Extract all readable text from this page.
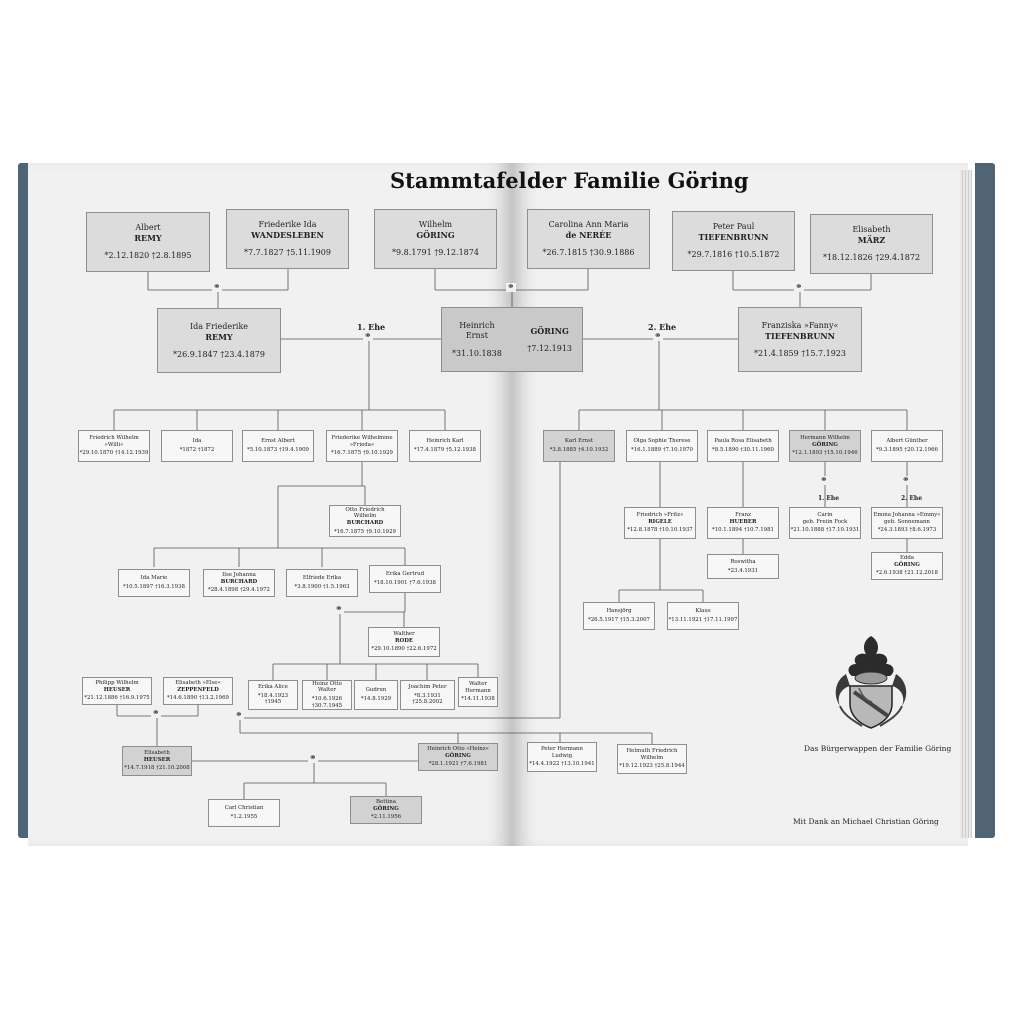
Stammtafel der Familie Göring
Albert
REMY
*2.12.1820 †2.8.1895
Friederike Ida
WANDESLEBEN
*7.7.1827 †5.11.1909
Wilhelm
GÖRING
*9.8.1791 †9.12.1874
Carolina Ann Maria
de NERÉE
*26.7.1815 †30.9.1886
Peter Paul
TIEFENBRUNN
*29.7.1816 †10.5.1872
Elisabeth
MÄRZ
*18.12.1826 †29.4.1872
Ida Friederike
REMY
*26.9.1847 †23.4.1879
Franziska »Fanny«
TIEFENBRUNN
*21.4.1859 †15.7.1923
Friedrich Wilhelm
»Willi«
*29.10.1870 †14.12.1939
Ida
*1872 †1872
Ernst Albert
*5.10.1873 †19.4.1909
Friederike Wilhelmine
»Frieda«
*16.7.1875 †9.10.1929
Heinrich Karl
*17.4.1879 †5.12.1938
Karl Ernst
*3.8.1885 †4.10.1932
Olga Sophie Therese
*16.1.1889 †7.10.1970
Paula Rosa Elisabeth
*8.5.1890 †30.11.1960
Hermann Wilhelm
GÖRING
*12.1.1893 †15.10.1946
Albert Günther
*9.3.1895 †20.12.1966
Otto Friedrich
Wilhelm
BURCHARD
*16.7.1875 †9.10.1929
Friedrich »Fritz«
RIGELE
*12.8.1878 †10.10.1937
Franz
HUEBER
*10.1.1894 †10.7.1981
Carin
geb. Freiin Fock
*21.10.1888 †17.10.1931
Emma Johanna »Emmy«
geb. Sonnemann
*24.3.1893 †8.6.1973
Roswitha
*23.4.1931
Edda
GÖRING
*2.6.1938 †21.12.2018
Hansjörg
*26.5.1917 †15.3.2007
Klaus
*13.11.1921 †17.11.1997
Ida Marie
*10.5.1897 †16.3.1938
Ilse Johanna
BURCHARD
*28.4.1898 †29.4.1972
Elfriede Erika
*3.8.1900 †1.5.1963
Erika Gertrud
*18.10.1901 †7.6.1938
Walther
RODE
*29.10.1890 †22.6.1972
Erika Alice
*18.4.1923 †1945
Heinz Otto
Walter
*10.6.1926 †30.7.1945
Gudrun
*14.8.1929
Joachim Peter
*8.3.1931 †25.8.2002
Walter
Hermann
*14.11.1938
Philipp Wilhelm
HEUSER
*21.12.1886 †16.9.1975
Elisabeth »Else«
ZEPPENFELD
*14.6.1890 †13.2.1969
Elisabeth
HEUSER
*14.7.1918 †21.10.2008
Heinrich Otto »Heinz«
GÖRING
*28.1.1921 †7.6.1981
Peter Hermann
Ludwig
*14.4.1922 †13.10.1941
Helmuth Friedrich
Wilhelm
*19.12.1923 †25.8.1944
Carl Christian
*1.2.1955
Bettina
GÖRING
*2.11.1956
Heinrich
Ernst
*31.10.1838
GÖRING
†7.12.1913
1. Ehe	2. Ehe
1. Ehe	2. Ehe
⚭	⚭	⚭
⚭	⚭
⚭	⚭
⚭
⚭	⚭
⚭
Das Bürgerwappen der Familie Göring
Mit Dank an Michael Christian Göring
